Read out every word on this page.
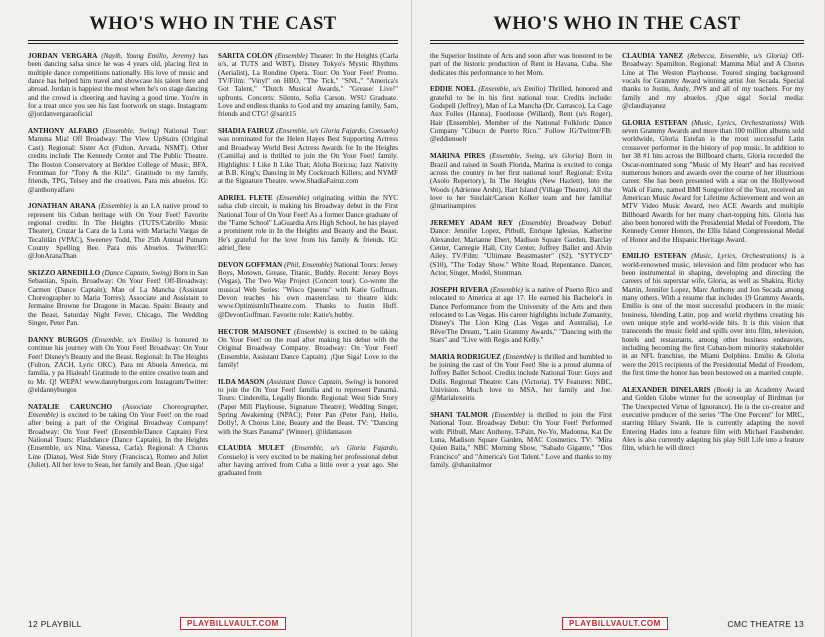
WHO'S WHO IN THE CAST

JORDAN VERGARA (Nayib, Young Emilio, Jeremy) has been dancing salsa since he was 4 years old, placing first in multiple dance competitions nationally. His love of music and dance has helped him travel and showcase his talent here and abroad. Jordan is happiest the most when he's on stage dancing and the crowd is cheering and having a good time. You're in for a treat once you see his fast footwork on stage. Instagram: @jordanvergaraoficial

ANTHONY ALFARO (Ensemble, Swing) National Tour: Mamma Mia! Off Broadway: The View UpStairs (Original Cast). Regional: Sister Act (Fulton, Arvada, NSMT). Other credits include The Kennedy Center and The Public Theatre. The Boston Conservatory at Berklee College of Music, BFA. Frontman for "Tony & the Kilz". Gratitude to my family, friends, TPG, Telsey and the creatives. Para mis abuelos. IG: @anthonyalfaro

JONATHAN ARANA (Ensemble) is an LA native proud to represent his Cuban heritage with On Your Feet! Favorite regional credits: In The Heights (TUTS/Cabrillo Music Theater), Cruzar la Cara de la Luna with Mariachi Vargas de Tecalitlán (VPAC), Sweeney Todd, The 25th Annual Putnam County Spelling Bee. Para mis Abuelos. Twitter/IG: @JonAranaThan

SKIZZO ARNEDILLO (Dance Captain, Swing) Born in San Sebastian, Spain. Broadway: On Your Feet! Off-Broadway: Carmen (Dance Captain); Man of La Mancha (Assistant Choreographer to Maria Torres); Associate and Assistant to Jermaine Browne for Dragone in Macau. Spain: Beauty and the Beast, Saturday Night Fever, Chicago, The Wedding Singer, Peter Pan.

DANNY BURGOS (Ensemble, u/s Emilio) is honored to continue his journey with On Your Feet! Broadway: On Your Feet! Disney's Beauty and the Beast. Regional: In The Heights (Fulton, ZACH, Lyric OKC). Para mi Abuela America, mi familia, y pa Hialeah! Gratitude to the entire creative team and to Mr. Q! WEPA! www.dannyburgos.com Instagram/Twitter: @eldannyburgos

NATALIE CARUNCHO (Associate Choreographer, Ensemble) is excited to be taking On Your Feet! on the road after being a part of the Original Broadway Company! Broadway: On Your Feet! (Ensemble/Dance Captain) First National Tours: Flashdance (Dance Captain), In the Heights (Ensemble, u/s Nina, Vanessa, Carla). Regional: A Chorus Line (Diana), West Side Story (Francisca), Romeo and Juliet (Juliet). All her love to Sean, her family and Bean. ¡Que siga!

SARITA COLÓN (Ensemble) Theater: In the Heights (Carla u/s, at TUTS and WBT), Disney Tokyo's Mystic Rhythms (Aerialist), La Rondine Opera. Tour: On Your Feet! Promo. TV/Film: "Vinyl" on HBO, "The Tick," "SNL," "America's Got Talent," "Dutch Musical Awards," "Grease: Live!" upfronts. Concerts: Silento, Sofia Carson. WSU Graduate. Love and endless thanks to God and my amazing family, Sam, friends and CTG! @sarit15

SHADIA FAIRUZ (Ensemble, u/s Gloria Fajardo, Consuelo) was nominated for the Helen Hayes Best Supporting Actress and Broadway World Best Actress Awards for In the Heights (Camilla) and is thrilled to join the On Your Feet! family. Highlights: I Like It Like That; Aloha Boricua; Jazz Nativity at B.B. King's; Dancing in My Cockroach Killers; and NYMF at the Signature Theatre. www.ShadiaFairuz.com

ADRIEL FLETE (Ensemble) originating within the NYC salsa club circuit, is making his Broadway debut in the First National Tour of On Your Feet! As a former Dance graduate of the "Fame School" LaGuardia Arts High School, he has played a prominent role in In the Heights and Beauty and the Beast. He's grateful for the love from his family & friends. IG: adriel_flete

DEVON GOFFMAN (Phil, Ensemble) National Tours: Jersey Boys, Motown, Grease, Titanic, Buddy. Recent: Jersey Boys (Vegas), The Two Way Project (Concert tour). Co-wrote the musical Web Series: "Wisco Queens" with Katie Goffman. Devon teaches his own masterclass to theatre kids: www.OptimismInTheatre.com. Thanks to Justin Huff. @DevonGoffman. Favorite role: Katie's hubby.

HECTOR MAISONET (Ensemble) is excited to be taking On Your Feet! on the road after making his debut with the Original Broadway Company. Broadway: On Your Feet! (Ensemble, Assistant Dance Captain). ¡Que Siga! Love to the family!

ILDA MASON (Assistant Dance Captain, Swing) is honored to join the On Your Feet! familia and to represent Panamá. Tours: Cinderella, Legally Blonde. Regional: West Side Story (Paper Mill Playhouse, Signature Theatre); Wedding Singer, Spring Awakening (NPAC); Peter Pan (Peter Pan), Hello, Dolly!, A Chorus Line, Beauty and the Beast. TV: "Dancing with the Stars Panamá" (Winner). @ildamason

CLAUDIA MULET (Ensemble, u/s Gloria Fajardo, Consuelo) is very excited to be making her professional debut after having arrived from Cuba a little over a year ago. She graduated from

12 PLAYBILL	PLAYBILLVAULT.COM
WHO'S WHO IN THE CAST

the Superior Institute of Arts and soon after was honored to be part of the historic production of Rent in Havana, Cuba. She dedicates this performance to her Mom.

EDDIE NOEL (Ensemble, u/s Emilio) Thrilled, honored and grateful to be in his first national tour. Credits include: Godspell (Jeffrey), Man of La Mancha (Dr. Carrasco), La Cage Aux Folles (Hanna), Footloose (Willard), Rent (u/s Roger), Hair (Ensemble). Member of the National Folkloric Dance Company "Cibuco de Puerto Rico." Follow IG/Twitter/FB: @eddienoelr

MARINA PIRES (Ensemble, Swing, u/s Gloria) Born in Brazil and raised in South Florida, Marina is excited to conga across the country in her first national tour! Regional: Evita (Asolo Repertory), In The Heights (New Hazlett), Into the Woods (Adrienne Arsht), Hart Island (Village Theatre). All the love to her Sinclair/Carson Kolker team and her familia! @marinampires

JEREMEY ADAM REY (Ensemble) Broadway Debut! Dance: Jennifer Lopez, Pitbull, Enrique Iglesias, Katherine Alexander, Marianne Ebert, Madison Square Garden, Barclay Center, Carnegie Hall, City Center, Joffrey Ballet and Alvin Ailey. TV/Film: "Ultimate Beastmaster" (S2), "SYTYCD" (S10), "The Today Show." White Road, Repentance. Dancer, Actor, Singer, Model, Stuntman.

JOSEPH RIVERA (Ensemble) is a native of Puerto Rico and relocated to America at age 17. He earned his Bachelor's in Dance Performance from the University of the Arts and then relocated to Las Vegas. His career highlights include Zumanity, Disney's The Lion King (Las Vegas and Australia), Le Rêve/The Dream, "Latin Grammy Awards," "Dancing with the Stars" and "Live with Regis and Kelly."

MARIA RODRIGUEZ (Ensemble) is thrilled and humbled to be joining the cast of On Your Feet! She is a proud alumna of Joffrey Ballet School. Credits include National Tour: Guys and Dolls. Regional Theatre: Cats (Victoria). TV Features: NBC, Univision. Much love to MSA, her family and Joe. @Marialexeiris

SHANI TALMOR (Ensemble) is thrilled to join the First National Tour. Broadway Debut: On Your Feet! Performed with: Pitbull, Marc Anthony, T-Pain, Ne-Yo, Madonna, Kat De Luna, Madison Square Garden, MAC Cosmetics. TV: "Mira Quien Baila," NBC Morning Show, "Sabado Gigante," "Dos Francisco" and "America's Got Talent." Love and thanks to my family. @shanitalmor

CLAUDIA YANEZ (Rebecca, Ensemble, u/s Gloria) Off-Broadway: Spamilton. Regional: Mamma Mia! and A Chorus Line at The Weston Playhouse. Toured singing background vocals for Grammy Award winning artist Jon Secada. Special thanks to Justin, Andy, JWS and all of my teachers. For my family and my abuelos. ¡Que siga! Social media: @claudiayanez

GLORIA ESTEFAN (Music, Lyrics, Orchestrations) With seven Grammy Awards and more than 100 million albums sold worldwide, Gloria Estefan is the most successful Latin crossover performer in the history of pop music. In addition to her 38 #1 hits across the Billboard charts, Gloria recorded the Oscar-nominated song "Music of My Heart" and has received numerous honors and awards over the course of her illustrious career. She has been presented with a star on the Hollywood Walk of Fame, named BMI Songwriter of the Year, received an American Music Award for Lifetime Achievement and won an MTV Video Music Award, two ACE Awards and multiple Billboard Awards for her many chart-topping hits. Gloria has also been honored with the Presidential Medal of Freedom, The Kennedy Center Honors, the Ellis Island Congressional Medal of Honor and the Hispanic Heritage Award.

EMILIO ESTEFAN (Music, Lyrics, Orchestrations) is a world-renowned music, television and film producer who has been instrumental in shaping, developing and directing the careers of his superstar wife, Gloria, as well as Shakira, Ricky Martin, Jennifer Lopez, Marc Anthony and Jon Secada among many others. With a resume that includes 19 Grammy Awards, Emilio is one of the most successful producers in the music business, blending Latin, pop and world rhythms creating his own unique style and world-wide hits. It is this vision that transcends the music field and spills over into film, television, hotels and restaurants, among other business endeavors, including becoming the first Cuban-born minority stakeholder in an NFL franchise, the Miami Dolphins. Emilio & Gloria were the 2015 recipients of the Presidential Medal of Freedom, the first time the honor has been bestowed on a married couple.

ALEXANDER DINELARIS (Book) is an Academy Award and Golden Globe winner for the screenplay of Birdman (or The Unexpected Virtue of Ignorance). He is the co-creator and executive producer of the series "The One Percent" for MRC, starring Hilary Swank. He is currently adapting the novel Entering Hades into a feature film with Michael Fassbender. Alex is also currently adapting his play Still Life into a feature film, which he will direct

PLAYBILLVAULT.COM	CMC THEATRE 13
